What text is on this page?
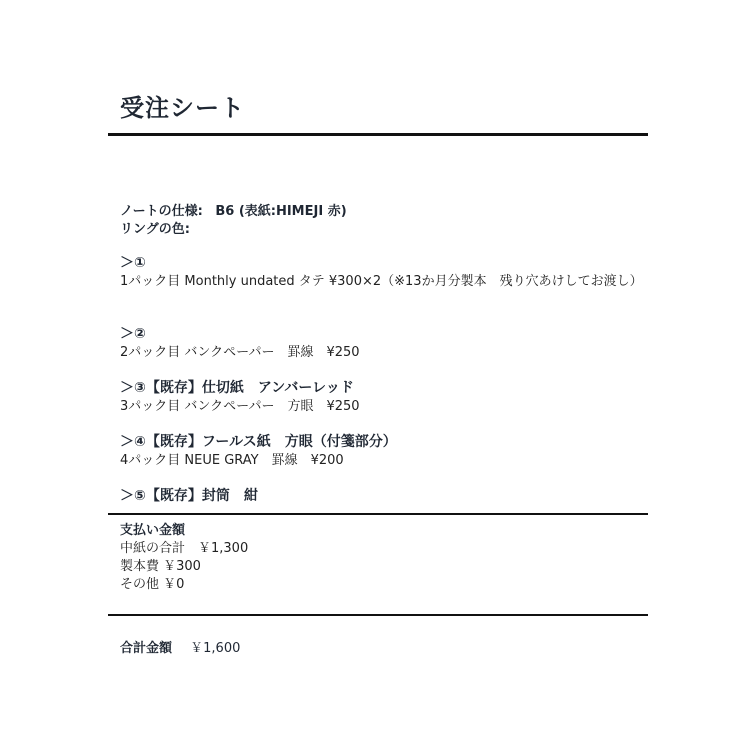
受注シート
ノートの仕様: B6 (表紙:HIMEJI 赤)
リングの色:
＞①
1パック目 Monthly undated タテ ¥300×2（※13か月分製本　残り穴あけしてお渡し）
＞②
2パック目 バンクペーパー　罫線　¥250
＞③【既存】仕切紙　アンバーレッド
3パック目 バンクペーパー　方眼　¥250
＞④【既存】フールス紙　方眼（付箋部分）
4パック目 NEUE GRAY　罫線　¥200
＞⑤【既存】封筒　紺
支払い金額
中紙の合計　￥1,300
製本費 ￥300
その他 ￥0
合計金額 ￥1,600
